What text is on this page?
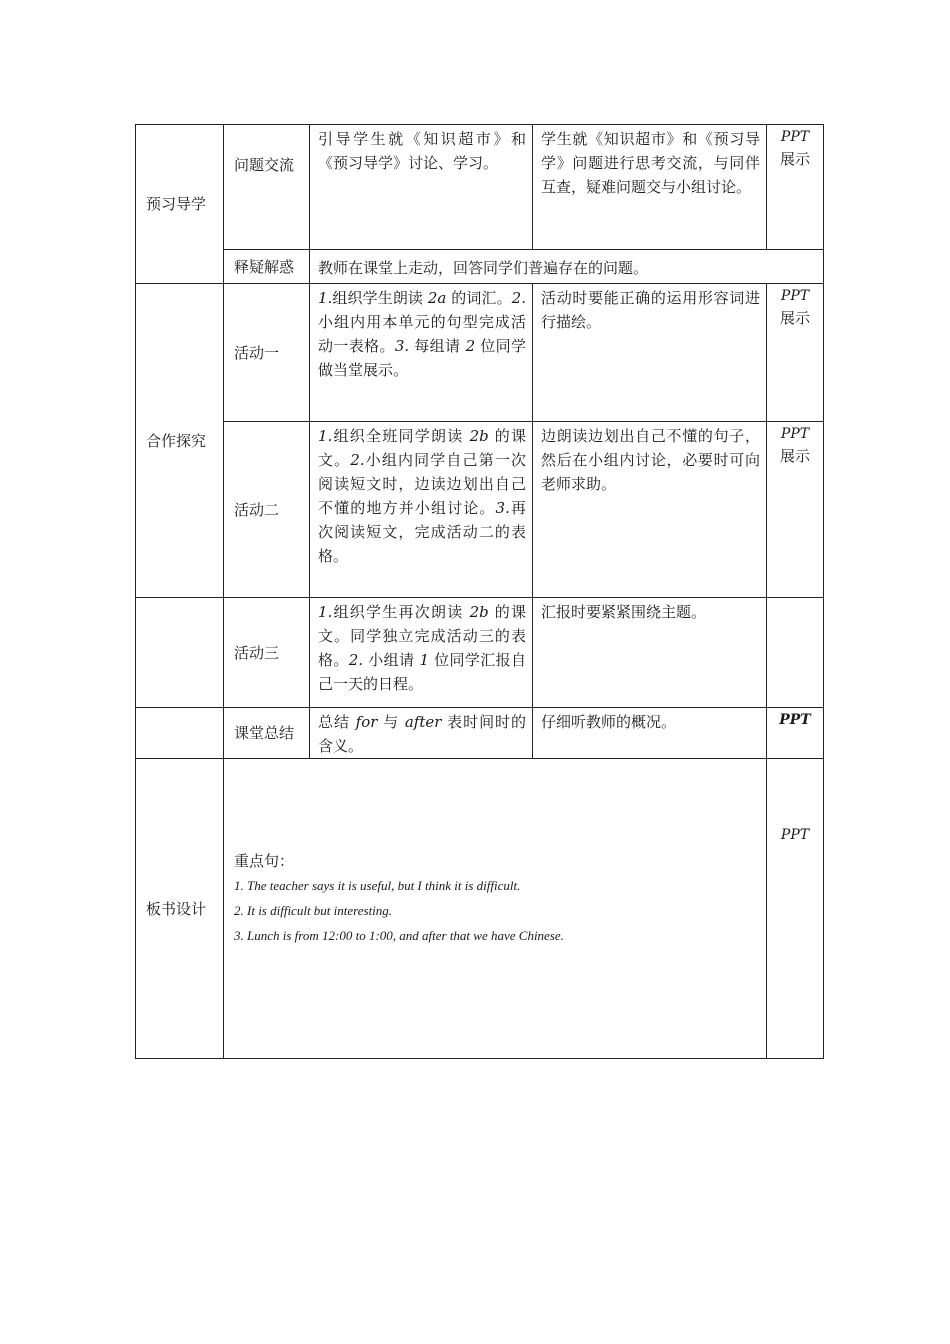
预习导学	问题交流	引导学生就《知识超市》和《预习导学》讨论、学习。	学生就《知识超市》和《预习导学》问题进行思考交流，与同伴互查，疑难问题交与小组讨论。	PPT
展示
	释疑解惑	教师在课堂上走动，回答同学们普遍存在的问题。		
合作探究	活动一	1.组织学生朗读 2a 的词汇。2. 小组内用本单元的句型完成活动一表格。3. 每组请 2 位同学做当堂展示。	活动时要能正确的运用形容词进行描绘。	PPT
展示
	活动二	1.组织全班同学朗读 2b 的课文。2.小组内同学自己第一次阅读短文时，边读边划出自己不懂的地方并小组讨论。3.再次阅读短文，完成活动二的表格。	边朗读边划出自己不懂的句子，然后在小组内讨论，必要时可向老师求助。	PPT
展示
	活动三	1.组织学生再次朗读 2b 的课文。同学独立完成活动三的表格。2. 小组请 1 位同学汇报自己一天的日程。	汇报时要紧紧围绕主题。	
	课堂总结	总结 for 与 after 表时间时的含义。	仔细听教师的概况。	PPT

板书设计	重点句：
1. The teacher says it is useful, but I think it is difficult.
2. It is difficult but interesting.
3. Lunch is from 12:00 to 1:00, and after that we have Chinese.			PPT
